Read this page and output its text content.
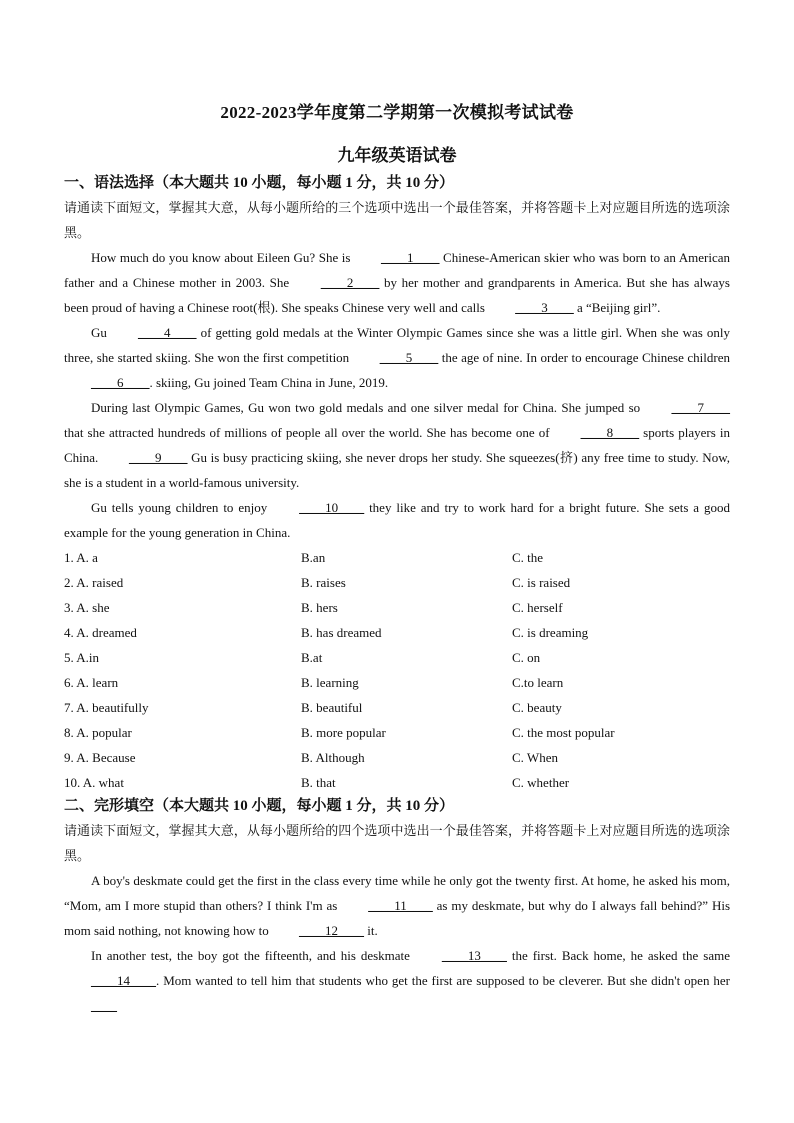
2022-2023学年度第二学期第一次模拟考试试卷
九年级英语试卷

一、语法选择（本大题共 10 小题，每小题 1 分，共 10 分）

请通读下面短文，掌握其大意，从每小题所给的三个选项中选出一个最佳答案，并将答题卡上对应题目所选的选项涂黑。

How much do you know about Eileen Gu? She is ____1____ Chinese-American skier who was born to an American father and a Chinese mother in 2003. She ____2____ by her mother and grandparents in America. But she has always been proud of having a Chinese root(根). She speaks Chinese very well and calls ____3____ a “Beijing girl”.

Gu ____4____ of getting gold medals at the Winter Olympic Games since she was a little girl. When she was only three, she started skiing. She won the first competition ____5____ the age of nine. In order to encourage Chinese children ____6____. skiing, Gu joined Team China in June, 2019.

During last Olympic Games, Gu won two gold medals and one silver medal for China. She jumped so ____7____ that she attracted hundreds of millions of people all over the world. She has become one of ____8____ sports players in China. ____9____ Gu is busy practicing skiing, she never drops her study. She squeezes(挤) any free time to study. Now, she is a student in a world-famous university.

Gu tells young children to enjoy ____10____ they like and try to work hard for a bright future. She sets a good example for the young generation in China.

1. A. a	B.an	C. the
2. A. raised	B. raises	C. is raised
3. A. she	B. hers	C. herself
4. A. dreamed	B. has dreamed	C. is dreaming
5. A.in	B.at	C. on
6. A. learn	B. learning	C.to learn
7. A. beautifully	B. beautiful	C. beauty
8. A. popular	B. more popular	C. the most popular
9. A. Because	B. Although	C. When
10. A. what	B. that	C. whether

二、完形填空（本大题共 10 小题，每小题 1 分，共 10 分）

请通读下面短文，掌握其大意，从每小题所给的四个选项中选出一个最佳答案，并将答题卡上对应题目所选的选项涂黑。

A boy's deskmate could get the first in the class every time while he only got the twenty first. At home, he asked his mom, “Mom, am I more stupid than others? I think I'm as ____11____ as my deskmate, but why do I always fall behind?” His mom said nothing, not knowing how to ____12____ it.

In another test, the boy got the fifteenth, and his deskmate ____13____ the first. Back home, he asked the same ____14____. Mom wanted to tell him that students who get the first are supposed to be cleverer. But she didn't open her ____
